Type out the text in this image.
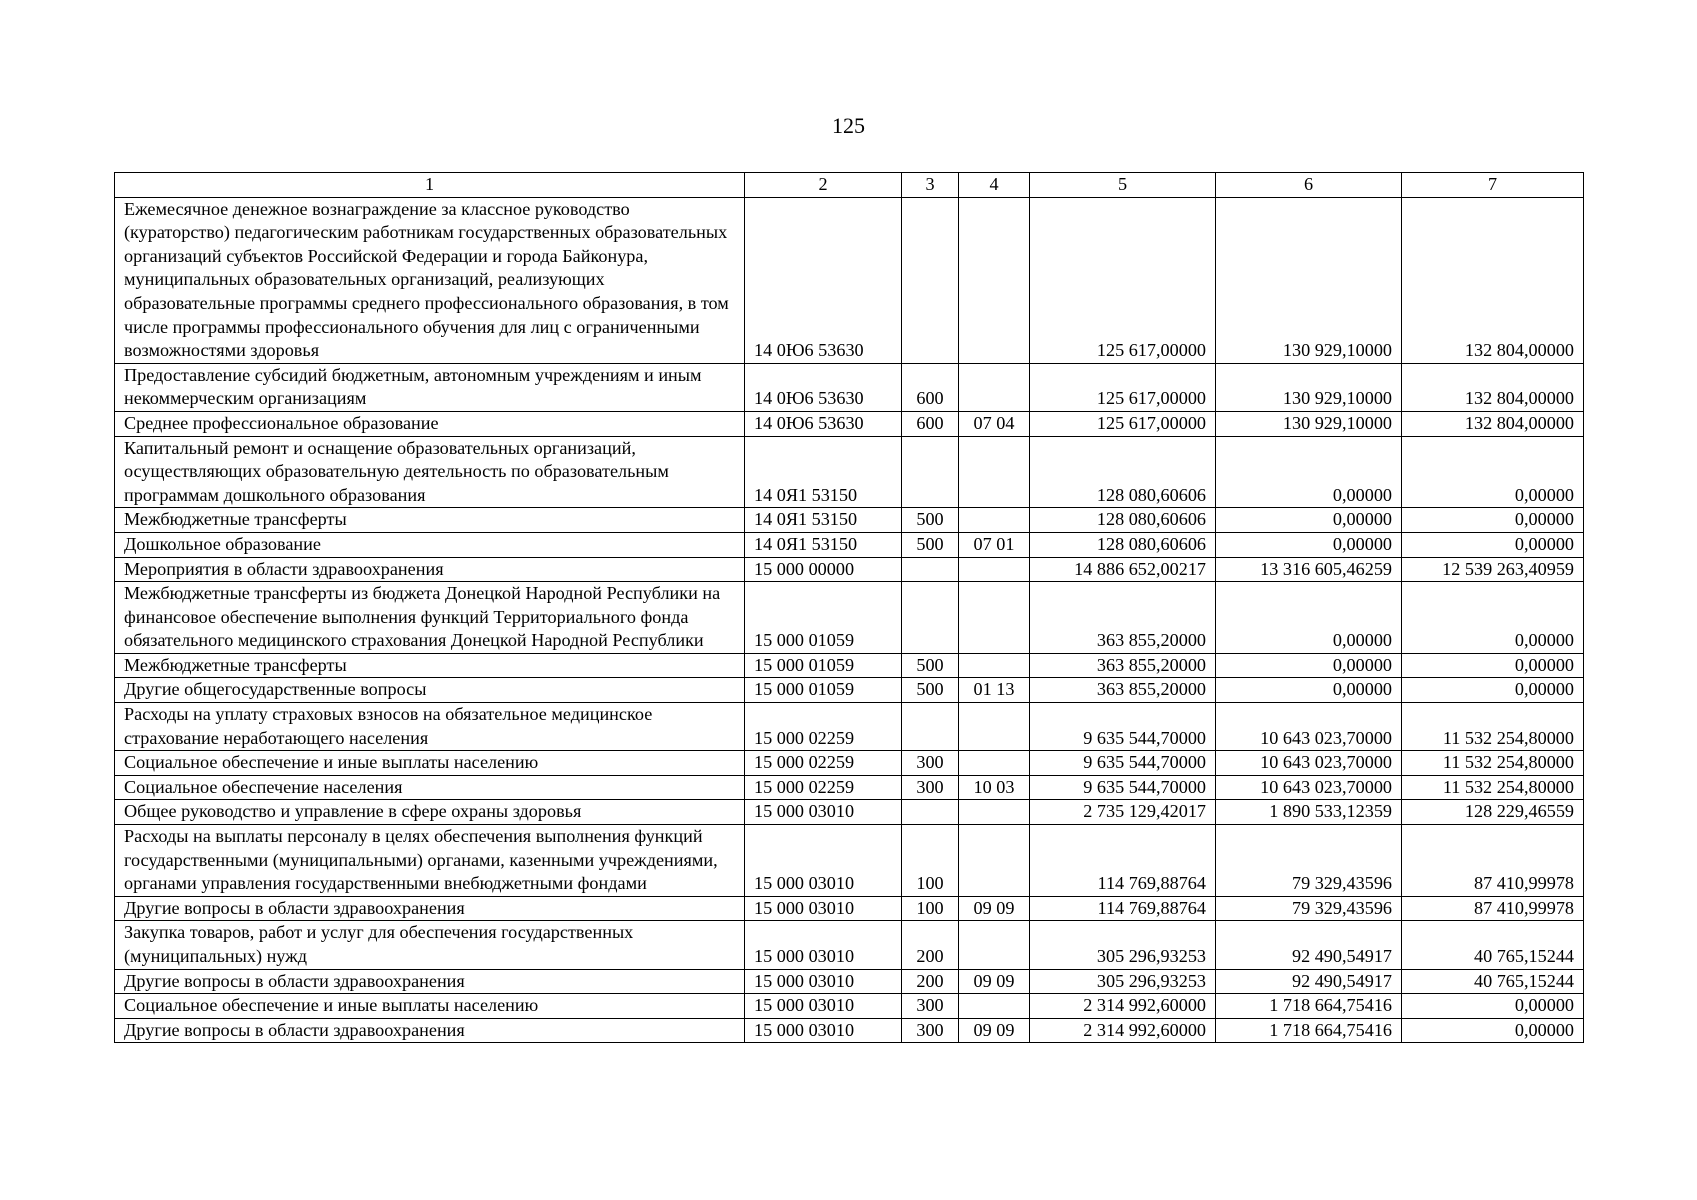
125
1	2	3	4	5	6	7
Ежемесячное денежное вознаграждение за классное руководство (кураторство) педагогическим работникам государственных образовательных организаций субъектов Российской Федерации и города Байконура, муниципальных образовательных организаций, реализующих образовательные программы среднего профессионального образования, в том числе программы профессионального обучения для лиц с ограниченными возможностями здоровья	14 0Ю6 53630			125 617,00000	130 929,10000	132 804,00000
Предоставление субсидий бюджетным, автономным учреждениям и иным некоммерческим организациям	14 0Ю6 53630	600		125 617,00000	130 929,10000	132 804,00000
Среднее профессиональное образование	14 0Ю6 53630	600	07 04	125 617,00000	130 929,10000	132 804,00000
Капитальный ремонт и оснащение образовательных организаций, осуществляющих образовательную деятельность по образовательным программам дошкольного образования	14 0Я1 53150			128 080,60606	0,00000	0,00000
Межбюджетные трансферты	14 0Я1 53150	500		128 080,60606	0,00000	0,00000
Дошкольное образование	14 0Я1 53150	500	07 01	128 080,60606	0,00000	0,00000
Мероприятия в области здравоохранения	15 000 00000			14 886 652,00217	13 316 605,46259	12 539 263,40959
Межбюджетные трансферты из бюджета Донецкой Народной Республики на финансовое обеспечение выполнения функций Территориального фонда обязательного медицинского страхования Донецкой Народной Республики	15 000 01059			363 855,20000	0,00000	0,00000
Межбюджетные трансферты	15 000 01059	500		363 855,20000	0,00000	0,00000
Другие общегосударственные вопросы	15 000 01059	500	01 13	363 855,20000	0,00000	0,00000
Расходы на уплату страховых взносов на обязательное медицинское страхование неработающего населения	15 000 02259			9 635 544,70000	10 643 023,70000	11 532 254,80000
Социальное обеспечение и иные выплаты населению	15 000 02259	300		9 635 544,70000	10 643 023,70000	11 532 254,80000
Социальное обеспечение населения	15 000 02259	300	10 03	9 635 544,70000	10 643 023,70000	11 532 254,80000
Общее руководство и управление в сфере охраны здоровья	15 000 03010			2 735 129,42017	1 890 533,12359	128 229,46559
Расходы на выплаты персоналу в целях обеспечения выполнения функций государственными (муниципальными) органами, казенными учреждениями, органами управления государственными внебюджетными фондами	15 000 03010	100		114 769,88764	79 329,43596	87 410,99978
Другие вопросы в области здравоохранения	15 000 03010	100	09 09	114 769,88764	79 329,43596	87 410,99978
Закупка товаров, работ и услуг для обеспечения государственных (муниципальных) нужд	15 000 03010	200		305 296,93253	92 490,54917	40 765,15244
Другие вопросы в области здравоохранения	15 000 03010	200	09 09	305 296,93253	92 490,54917	40 765,15244
Социальное обеспечение и иные выплаты населению	15 000 03010	300		2 314 992,60000	1 718 664,75416	0,00000
Другие вопросы в области здравоохранения	15 000 03010	300	09 09	2 314 992,60000	1 718 664,75416	0,00000
